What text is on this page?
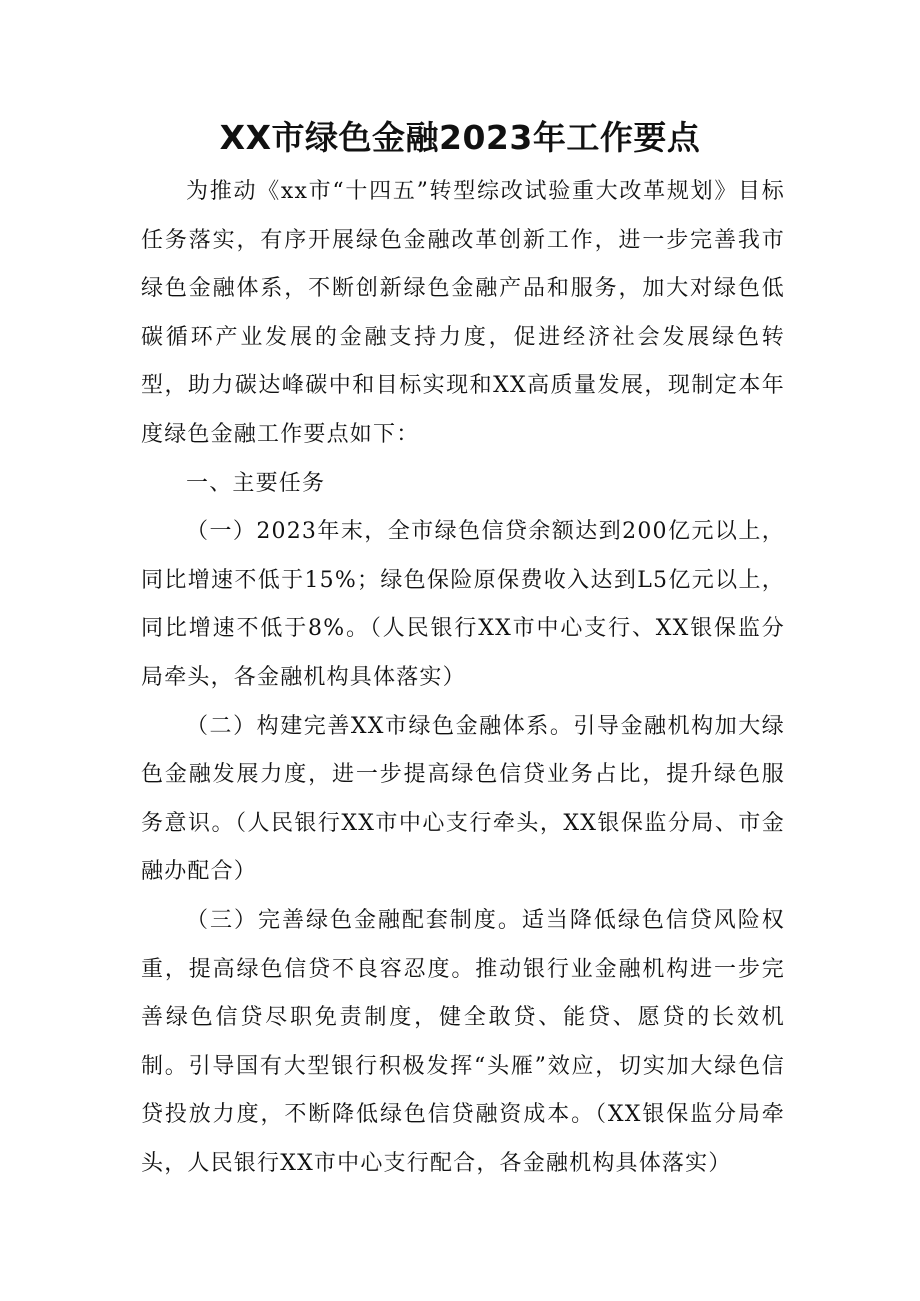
XX市绿色金融2023年工作要点

为推动《xx市“十四五”转型综改试验重大改革规划》目标任务落实，有序开展绿色金融改革创新工作，进一步完善我市绿色金融体系，不断创新绿色金融产品和服务，加大对绿色低碳循环产业发展的金融支持力度，促进经济社会发展绿色转型，助力碳达峰碳中和目标实现和XX高质量发展，现制定本年度绿色金融工作要点如下：

一、主要任务

（一）2023年末，全市绿色信贷余额达到200亿元以上，同比增速不低于15%；绿色保险原保费收入达到L5亿元以上，同比增速不低于8%。（人民银行XX市中心支行、XX银保监分局牵头，各金融机构具体落实）

（二）构建完善XX市绿色金融体系。引导金融机构加大绿色金融发展力度，进一步提高绿色信贷业务占比，提升绿色服务意识。（人民银行XX市中心支行牵头，XX银保监分局、市金融办配合）

（三）完善绿色金融配套制度。适当降低绿色信贷风险权重，提高绿色信贷不良容忍度。推动银行业金融机构进一步完善绿色信贷尽职免责制度，健全敢贷、能贷、愿贷的长效机制。引导国有大型银行积极发挥“头雁”效应，切实加大绿色信贷投放力度，不断降低绿色信贷融资成本。（XX银保监分局牵头，人民银行XX市中心支行配合，各金融机构具体落实）
